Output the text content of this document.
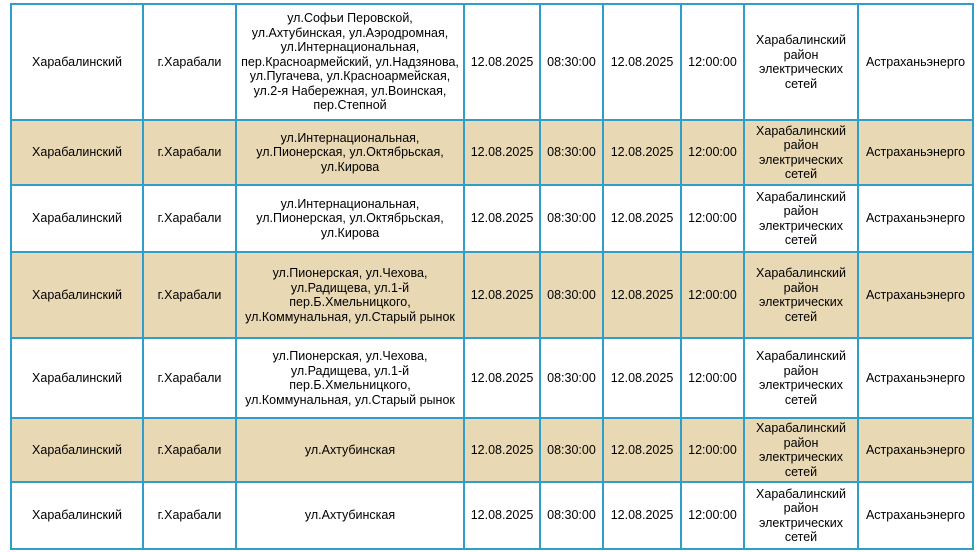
Харабалинский	г.Харабали	ул.Софьи Перовской, ул.Ахтубинская, ул.Аэродромная, ул.Интернациональная, пер.Красноармейский, ул.Надзянова, ул.Пугачева, ул.Красноармейская, ул.2-я Набережная, ул.Воинская, пер.Степной	12.08.2025	08:30:00	12.08.2025	12:00:00	Харабалинский район электрических сетей	Астраханьэнерго
Харабалинский	г.Харабали	ул.Интернациональная, ул.Пионерская, ул.Октябрьская, ул.Кирова	12.08.2025	08:30:00	12.08.2025	12:00:00	Харабалинский район электрических сетей	Астраханьэнерго
Харабалинский	г.Харабали	ул.Интернациональная, ул.Пионерская, ул.Октябрьская, ул.Кирова	12.08.2025	08:30:00	12.08.2025	12:00:00	Харабалинский район электрических сетей	Астраханьэнерго
Харабалинский	г.Харабали	ул.Пионерская, ул.Чехова, ул.Радищева, ул.1-й пер.Б.Хмельницкого, ул.Коммунальная, ул.Старый рынок	12.08.2025	08:30:00	12.08.2025	12:00:00	Харабалинский район электрических сетей	Астраханьэнерго
Харабалинский	г.Харабали	ул.Пионерская, ул.Чехова, ул.Радищева, ул.1-й пер.Б.Хмельницкого, ул.Коммунальная, ул.Старый рынок	12.08.2025	08:30:00	12.08.2025	12:00:00	Харабалинский район электрических сетей	Астраханьэнерго
Харабалинский	г.Харабали	ул.Ахтубинская	12.08.2025	08:30:00	12.08.2025	12:00:00	Харабалинский район электрических сетей	Астраханьэнерго
Харабалинский	г.Харабали	ул.Ахтубинская	12.08.2025	08:30:00	12.08.2025	12:00:00	Харабалинский район электрических сетей	Астраханьэнерго
